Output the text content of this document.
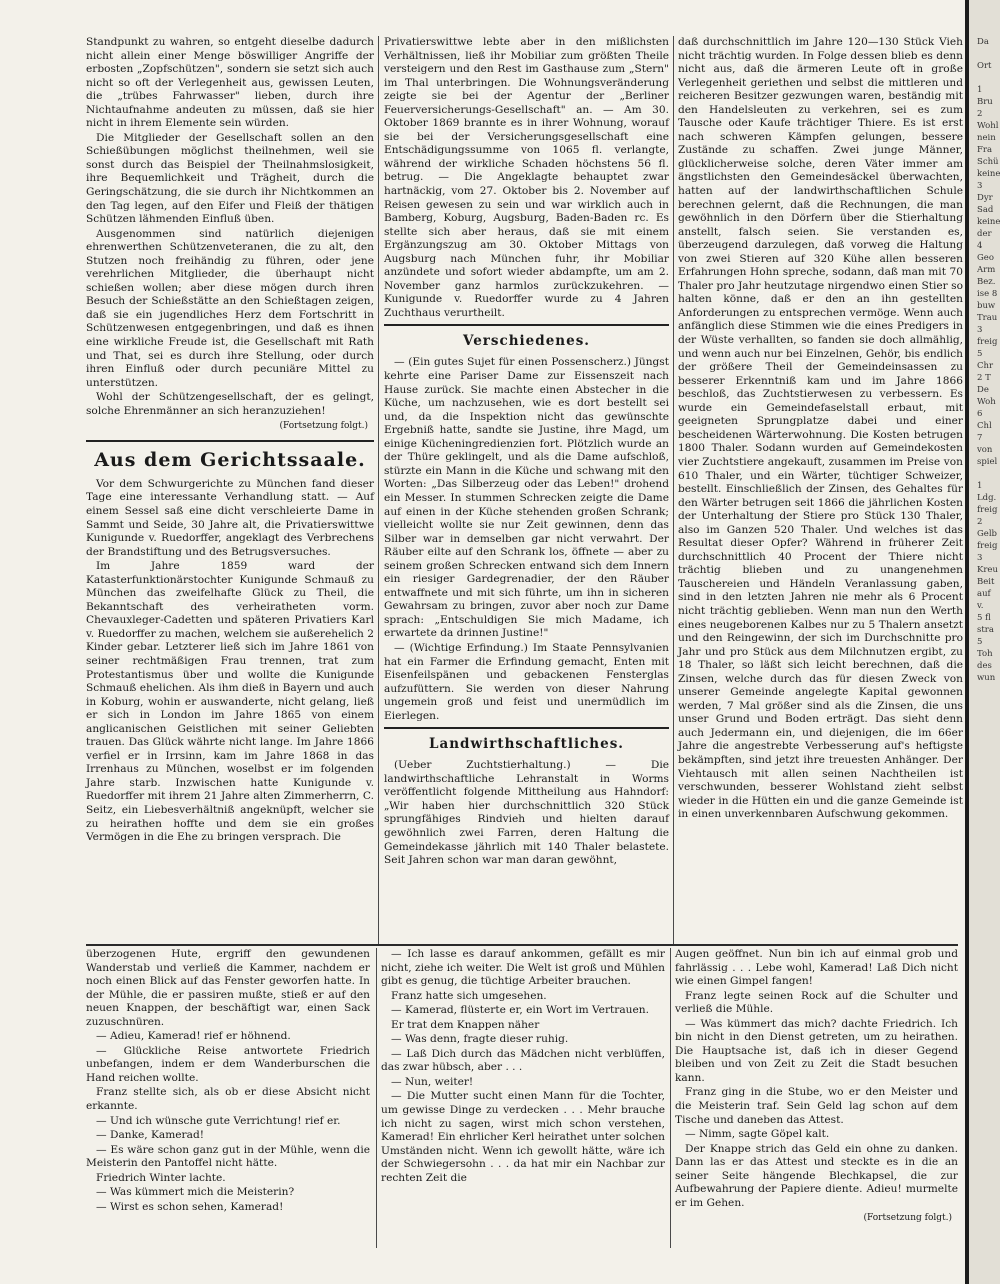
Standpunkt zu wahren, so entgeht dieselbe dadurch nicht allein einer Menge böswilliger Angriffe der erbosten „Zopfschützen", sondern sie setzt sich auch nicht so oft der Verlegenheit aus, gewissen Leuten, die „trübes Fahrwasser" lieben, durch ihre Nichtaufnahme andeuten zu müssen, daß sie hier nicht in ihrem Elemente sein würden.

Die Mitglieder der Gesellschaft sollen an den Schießübungen möglichst theilnehmen, weil sie sonst durch das Beispiel der Theilnahmslosigkeit, ihre Bequemlichkeit und Trägheit, durch die Geringschätzung, die sie durch ihr Nichtkommen an den Tag legen, auf den Eifer und Fleiß der thätigen Schützen lähmenden Einfluß üben.

Ausgenommen sind natürlich diejenigen ehrenwerthen Schützenveteranen, die zu alt, den Stutzen noch freihändig zu führen, oder jene verehrlichen Mitglieder, die überhaupt nicht schießen wollen; aber diese mögen durch ihren Besuch der Schießstätte an den Schießtagen zeigen, daß sie ein jugendliches Herz dem Fortschritt in Schützenwesen entgegenbringen, und daß es ihnen eine wirkliche Freude ist, die Gesellschaft mit Rath und That, sei es durch ihre Stellung, oder durch ihren Einfluß oder durch pecuniäre Mittel zu unterstützen.

Wohl der Schützengesellschaft, der es gelingt, solche Ehrenmänner an sich heranzuziehen!

(Fortsetzung folgt.)
Aus dem Gerichtssaale.

Vor dem Schwurgerichte zu München fand dieser Tage eine interessante Verhandlung statt. — Auf einem Sessel saß eine dicht verschleierte Dame in Sammt und Seide, 30 Jahre alt, die Privatierswittwe Kunigunde v. Ruedorffer, angeklagt des Verbrechens der Brandstiftung und des Betrugsversuches.

Im Jahre 1859 ward der Katasterfunktionärstochter Kunigunde Schmauß zu München das zweifelhafte Glück zu Theil, die Bekanntschaft des verheiratheten vorm. Chevauxleger-Cadetten und späteren Privatiers Karl v. Ruedorffer zu machen, welchem sie außerehelich 2 Kinder gebar. Letzterer ließ sich im Jahre 1861 von seiner rechtmäßigen Frau trennen, trat zum Protestantismus über und wollte die Kunigunde Schmauß ehelichen. Als ihm dieß in Bayern und auch in Koburg, wohin er auswanderte, nicht gelang, ließ er sich in London im Jahre 1865 von einem anglicanischen Geistlichen mit seiner Geliebten trauen. Das Glück währte nicht lange. Im Jahre 1866 verfiel er in Irrsinn, kam im Jahre 1868 in das Irrenhaus zu München, woselbst er im folgenden Jahre starb. Inzwischen hatte Kunigunde v. Ruedorffer mit ihrem 21 Jahre alten Zimmerherrn, C. Seitz, ein Liebesverhältniß angeknüpft, welcher sie zu heirathen hoffte und dem sie ein großes Vermögen in die Ehe zu bringen versprach. Die

Privatierswittwe lebte aber in den mißlichsten Verhältnissen, ließ ihr Mobiliar zum größten Theile versteigern und den Rest im Gasthause zum „Stern" im Thal unterbringen. Die Wohnungsveränderung zeigte sie bei der Agentur der „Berliner Feuerversicherungs-Gesellschaft" an. — Am 30. Oktober 1869 brannte es in ihrer Wohnung, worauf sie bei der Versicherungsgesellschaft eine Entschädigungssumme von 1065 fl. verlangte, während der wirkliche Schaden höchstens 56 fl. betrug. — Die Angeklagte behauptet zwar hartnäckig, vom 27. Oktober bis 2. November auf Reisen gewesen zu sein und war wirklich auch in Bamberg, Koburg, Augsburg, Baden-Baden rc. Es stellte sich aber heraus, daß sie mit einem Ergänzungszug am 30. Oktober Mittags von Augsburg nach München fuhr, ihr Mobiliar anzündete und sofort wieder abdampfte, um am 2. November ganz harmlos zurückzukehren. — Kunigunde v. Ruedorffer wurde zu 4 Jahren Zuchthaus verurtheilt.

Verschiedenes.

— (Ein gutes Sujet für einen Possenscherz.) Jüngst kehrte eine Pariser Dame zur Eissenszeit nach Hause zurück. Sie machte einen Abstecher in die Küche, um nachzusehen, wie es dort bestellt sei und, da die Inspektion nicht das gewünschte Ergebniß hatte, sandte sie Justine, ihre Magd, um einige Kücheningredienzien fort. Plötzlich wurde an der Thüre geklingelt, und als die Dame aufschloß, stürzte ein Mann in die Küche und schwang mit den Worten: „Das Silberzeug oder das Leben!" drohend ein Messer. In stummen Schrecken zeigte die Dame auf einen in der Küche stehenden großen Schrank; vielleicht wollte sie nur Zeit gewinnen, denn das Silber war in demselben gar nicht verwahrt. Der Räuber eilte auf den Schrank los, öffnete — aber zu seinem großen Schrecken entwand sich dem Innern ein riesiger Gardegrenadier, der den Räuber entwaffnete und mit sich führte, um ihn in sicheren Gewahrsam zu bringen, zuvor aber noch zur Dame sprach: „Entschuldigen Sie mich Madame, ich erwartete da drinnen Justine!"

— (Wichtige Erfindung.) Im Staate Pennsylvanien hat ein Farmer die Erfindung gemacht, Enten mit Eisenfeilspänen und gebackenen Fensterglas aufzufüttern. Sie werden von dieser Nahrung ungemein groß und feist und unermüdlich im Eierlegen.

Landwirthschaftliches.

(Ueber Zuchtstierhaltung.) — Die landwirthschaftliche Lehranstalt in Worms veröffentlicht folgende Mittheilung aus Hahndorf: „Wir haben hier durchschnittlich 320 Stück sprungfähiges Rindvieh und hielten darauf gewöhnlich zwei Farren, deren Haltung die Gemeindekasse jährlich mit 140 Thaler belastete. Seit Jahren schon war man daran gewöhnt,

daß durchschnittlich im Jahre 120—130 Stück Vieh nicht trächtig wurden. In Folge dessen blieb es denn nicht aus, daß die ärmeren Leute oft in große Verlegenheit geriethen und selbst die mittleren und reicheren Besitzer gezwungen waren, beständig mit den Handelsleuten zu verkehren, sei es zum Tausche oder Kaufe trächtiger Thiere. Es ist erst nach schweren Kämpfen gelungen, bessere Zustände zu schaffen. Zwei junge Männer, glücklicherweise solche, deren Väter immer am ängstlichsten den Gemeindesäckel überwachten, hatten auf der landwirthschaftlichen Schule berechnen gelernt, daß die Rechnungen, die man gewöhnlich in den Dörfern über die Stierhaltung anstellt, falsch seien. Sie verstanden es, überzeugend darzulegen, daß vorweg die Haltung von zwei Stieren auf 320 Kühe allen besseren Erfahrungen Hohn spreche, sodann, daß man mit 70 Thaler pro Jahr heutzutage nirgendwo einen Stier so halten könne, daß er den an ihn gestellten Anforderungen zu entsprechen vermöge. Wenn auch anfänglich diese Stimmen wie die eines Predigers in der Wüste verhallten, so fanden sie doch allmählig, und wenn auch nur bei Einzelnen, Gehör, bis endlich der größere Theil der Gemeindeinsassen zu besserer Erkenntniß kam und im Jahre 1866 beschloß, das Zuchtstierwesen zu verbessern. Es wurde ein Gemeindefaselstall erbaut, mit geeigneten Sprungplatze dabei und einer bescheidenen Wärterwohnung. Die Kosten betrugen 1800 Thaler. Sodann wurden auf Gemeindekosten vier Zuchtstiere angekauft, zusammen im Preise von 610 Thaler, und ein Wärter, tüchtiger Schweizer, bestellt. Einschließlich der Zinsen, des Gehaltes für den Wärter betrugen seit 1866 die jährlichen Kosten der Unterhaltung der Stiere pro Stück 130 Thaler, also im Ganzen 520 Thaler. Und welches ist das Resultat dieser Opfer? Während in früherer Zeit durchschnittlich 40 Procent der Thiere nicht trächtig blieben und zu unangenehmen Tauschereien und Händeln Veranlassung gaben, sind in den letzten Jahren nie mehr als 6 Procent nicht trächtig geblieben. Wenn man nun den Werth eines neugeborenen Kalbes nur zu 5 Thalern ansetzt und den Reingewinn, der sich im Durchschnitte pro Jahr und pro Stück aus dem Milchnutzen ergibt, zu 18 Thaler, so läßt sich leicht berechnen, daß die Zinsen, welche durch das für diesen Zweck von unserer Gemeinde angelegte Kapital gewonnen werden, 7 Mal größer sind als die Zinsen, die uns unser Grund und Boden erträgt. Das sieht denn auch Jedermann ein, und diejenigen, die im 66er Jahre die angestrebte Verbesserung auf's heftigste bekämpften, sind jetzt ihre treuesten Anhänger. Der Viehtausch mit allen seinen Nachtheilen ist verschwunden, besserer Wohlstand zieht selbst wieder in die Hütten ein und die ganze Gemeinde ist in einen unverkennbaren Aufschwung gekommen.

überzogenen Hute, ergriff den gewundenen Wanderstab und verließ die Kammer, nachdem er noch einen Blick auf das Fenster geworfen hatte. In der Mühle, die er passiren mußte, stieß er auf den neuen Knappen, der beschäftigt war, einen Sack zuzuschnüren.

— Adieu, Kamerad! rief er höhnend.

— Glückliche Reise antwortete Friedrich unbefangen, indem er dem Wanderburschen die Hand reichen wollte.

Franz stellte sich, als ob er diese Absicht nicht erkannte.

— Und ich wünsche gute Verrichtung! rief er.

— Danke, Kamerad!

— Es wäre schon ganz gut in der Mühle, wenn die Meisterin den Pantoffel nicht hätte.

Friedrich Winter lachte.

— Was kümmert mich die Meisterin?

— Wirst es schon sehen, Kamerad!

— Ich lasse es darauf ankommen, gefällt es mir nicht, ziehe ich weiter. Die Welt ist groß und Mühlen gibt es genug, die tüchtige Arbeiter brauchen.

Franz hatte sich umgesehen.

— Kamerad, flüsterte er, ein Wort im Vertrauen.

Er trat dem Knappen näher

— Was denn, fragte dieser ruhig.

— Laß Dich durch das Mädchen nicht verblüffen, das zwar hübsch, aber . . .

— Nun, weiter!

— Die Mutter sucht einen Mann für die Tochter, um gewisse Dinge zu verdecken . . . Mehr brauche ich nicht zu sagen, wirst mich schon verstehen, Kamerad! Ein ehrlicher Kerl heirathet unter solchen Umständen nicht. Wenn ich gewollt hätte, wäre ich der Schwiegersohn . . . da hat mir ein Nachbar zur rechten Zeit die

Augen geöffnet. Nun bin ich auf einmal grob und fahrlässig . . . Lebe wohl, Kamerad! Laß Dich nicht wie einen Gimpel fangen!

Franz legte seinen Rock auf die Schulter und verließ die Mühle.

— Was kümmert das mich? dachte Friedrich. Ich bin nicht in den Dienst getreten, um zu heirathen. Die Hauptsache ist, daß ich in dieser Gegend bleiben und von Zeit zu Zeit die Stadt besuchen kann.

Franz ging in die Stube, wo er den Meister und die Meisterin traf. Sein Geld lag schon auf dem Tische und daneben das Attest.

— Nimm, sagte Göpel kalt.

Der Knappe strich das Geld ein ohne zu danken. Dann las er das Attest und steckte es in die an seiner Seite hängende Blechkapsel, die zur Aufbewahrung der Papiere diente. Adieu! murmelte er im Gehen.

(Fortsetzung folgt.)
Da

Ort

1
Bru
2
Wohl
nein
Fra
Schü
keine
3
Dyr
Sad
keine
der
4
Geo
Arm
Bez.
ise 8
buw
Trau
3
freig
5
Chr
2 T
De
Woh
6
Chl
7
von
spiel

1
Ldg.
freig
2
Gelb
freig
3
Kreu
Beit
auf
v.
5 fl
stra
5
Toh
des
wun
